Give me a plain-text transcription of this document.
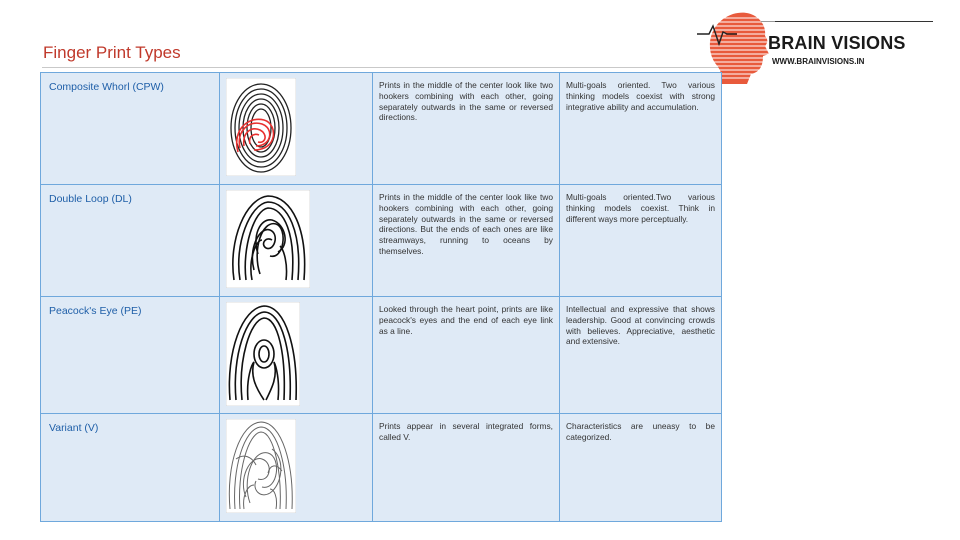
Finger Print Types	BRAIN VISIONS
WWW.BRAINVISIONS.IN
Composite Whorl (CPW)		Prints in the middle of the center look like two hookers combining with each other, going separately outwards in the same or reversed directions.	Multi-goals oriented. Two various thinking models coexist with strong integrative ability and accumulation.
Double Loop (DL)		Prints in the middle of the center look like two hookers combining with each other, going separately outwards in the same or reversed directions. But the ends of each ones are like streamways, running to oceans by themselves.	Multi-goals oriented.Two various thinking models coexist. Think in different ways more perceptually.
Peacock's Eye (PE)		Looked through the heart point, prints are like peacock's eyes and the end of each eye link as a line.	Intellectual and expressive that shows leadership. Good at convincing crowds with believes. Appreciative, aesthetic and extensive.
Variant (V)		Prints appear in several integrated forms, called V.	Characteristics are uneasy to be categorized.
